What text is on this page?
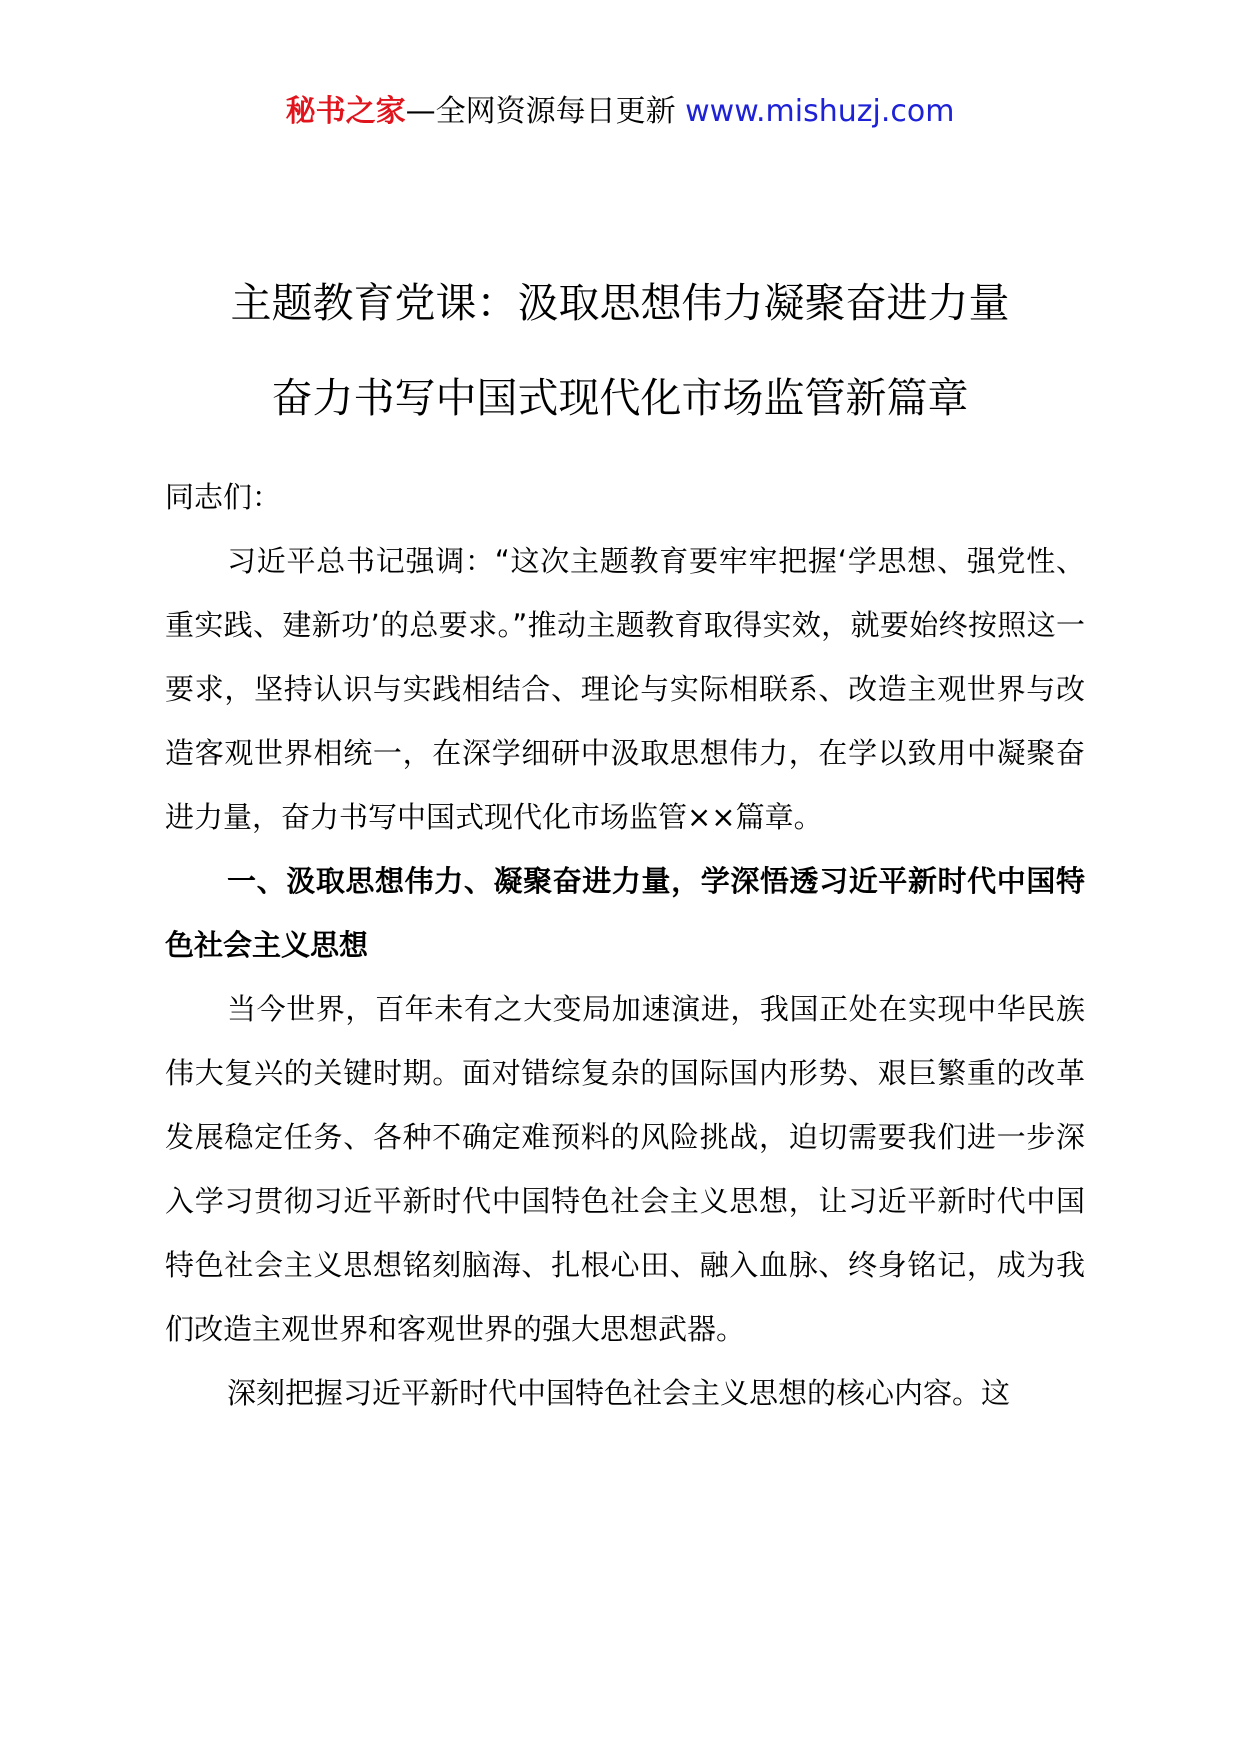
秘书之家—全网资源每日更新 www.mishuzj.com
主题教育党课：汲取思想伟力凝聚奋进力量
奋力书写中国式现代化市场监管新篇章

同志们：

习近平总书记强调：“这次主题教育要牢牢把握‘学思想、强党性、重实践、建新功’的总要求。”推动主题教育取得实效，就要始终按照这一要求，坚持认识与实践相结合、理论与实际相联系、改造主观世界与改造客观世界相统一，在深学细研中汲取思想伟力，在学以致用中凝聚奋进力量，奋力书写中国式现代化市场监管××篇章。

一、汲取思想伟力、凝聚奋进力量，学深悟透习近平新时代中国特色社会主义思想

当今世界，百年未有之大变局加速演进，我国正处在实现中华民族伟大复兴的关键时期。面对错综复杂的国际国内形势、艰巨繁重的改革发展稳定任务、各种不确定难预料的风险挑战，迫切需要我们进一步深入学习贯彻习近平新时代中国特色社会主义思想，让习近平新时代中国特色社会主义思想铭刻脑海、扎根心田、融入血脉、终身铭记，成为我们改造主观世界和客观世界的强大思想武器。

深刻把握习近平新时代中国特色社会主义思想的核心内容。这
